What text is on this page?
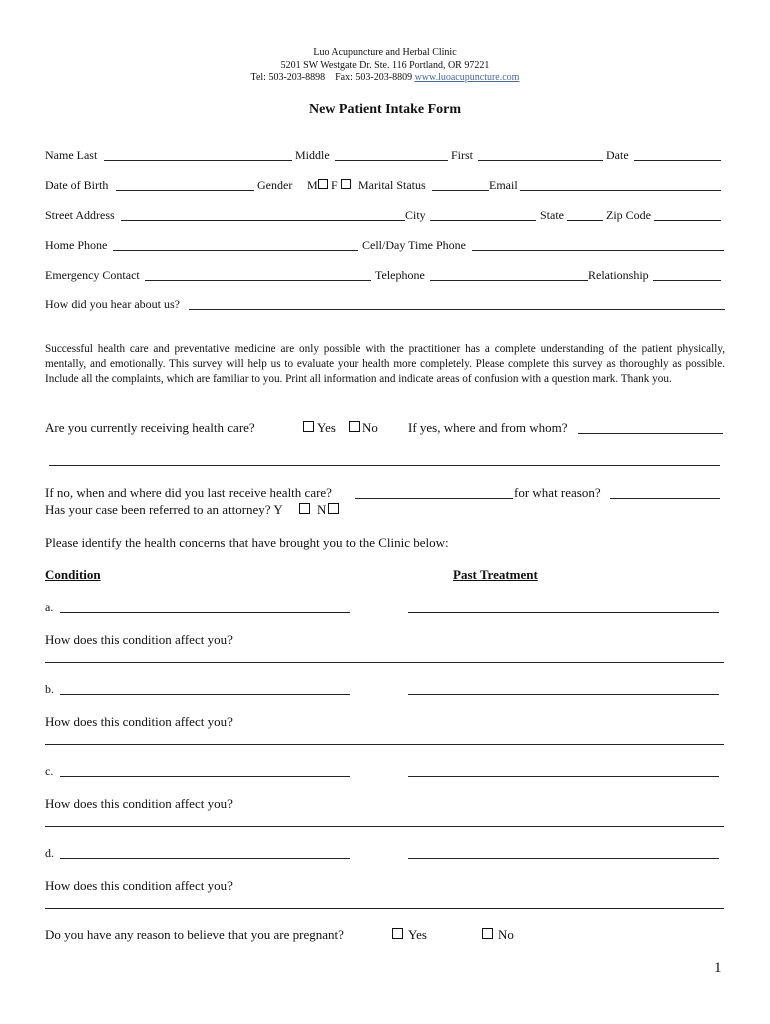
Luo Acupuncture and Herbal Clinic
5201 SW Westgate Dr. Ste. 116 Portland, OR 97221
Tel: 503-203-8898 Fax: 503-203-8809 www.luoacupuncture.com
New Patient Intake Form
Name Last	Middle	First	Date
Date of Birth	Gender M F Marital Status	Email
Street Address	City	State	Zip Code
Home Phone	Cell/Day Time Phone
Emergency Contact	Telephone	Relationship
How did you hear about us?
Successful health care and preventative medicine are only possible with the practitioner has a complete understanding of the patient physically, mentally, and emotionally. This survey will help us to evaluate your health more completely. Please complete this survey as thoroughly as possible. Include all the complaints, which are familiar to you. Print all information and indicate areas of confusion with a question mark. Thank you.
Are you currently receiving health care?	Yes No If yes, where and from whom?
If no, when and where did you last receive health care?	for what reason?
Has your case been referred to an attorney? Y	N
Please identify the health concerns that have brought you to the Clinic below:
Condition	Past Treatment
a.
How does this condition affect you?
b.
How does this condition affect you?
c.
How does this condition affect you?
d.
How does this condition affect you?
Do you have any reason to believe that you are pregnant?	Yes	No
1
